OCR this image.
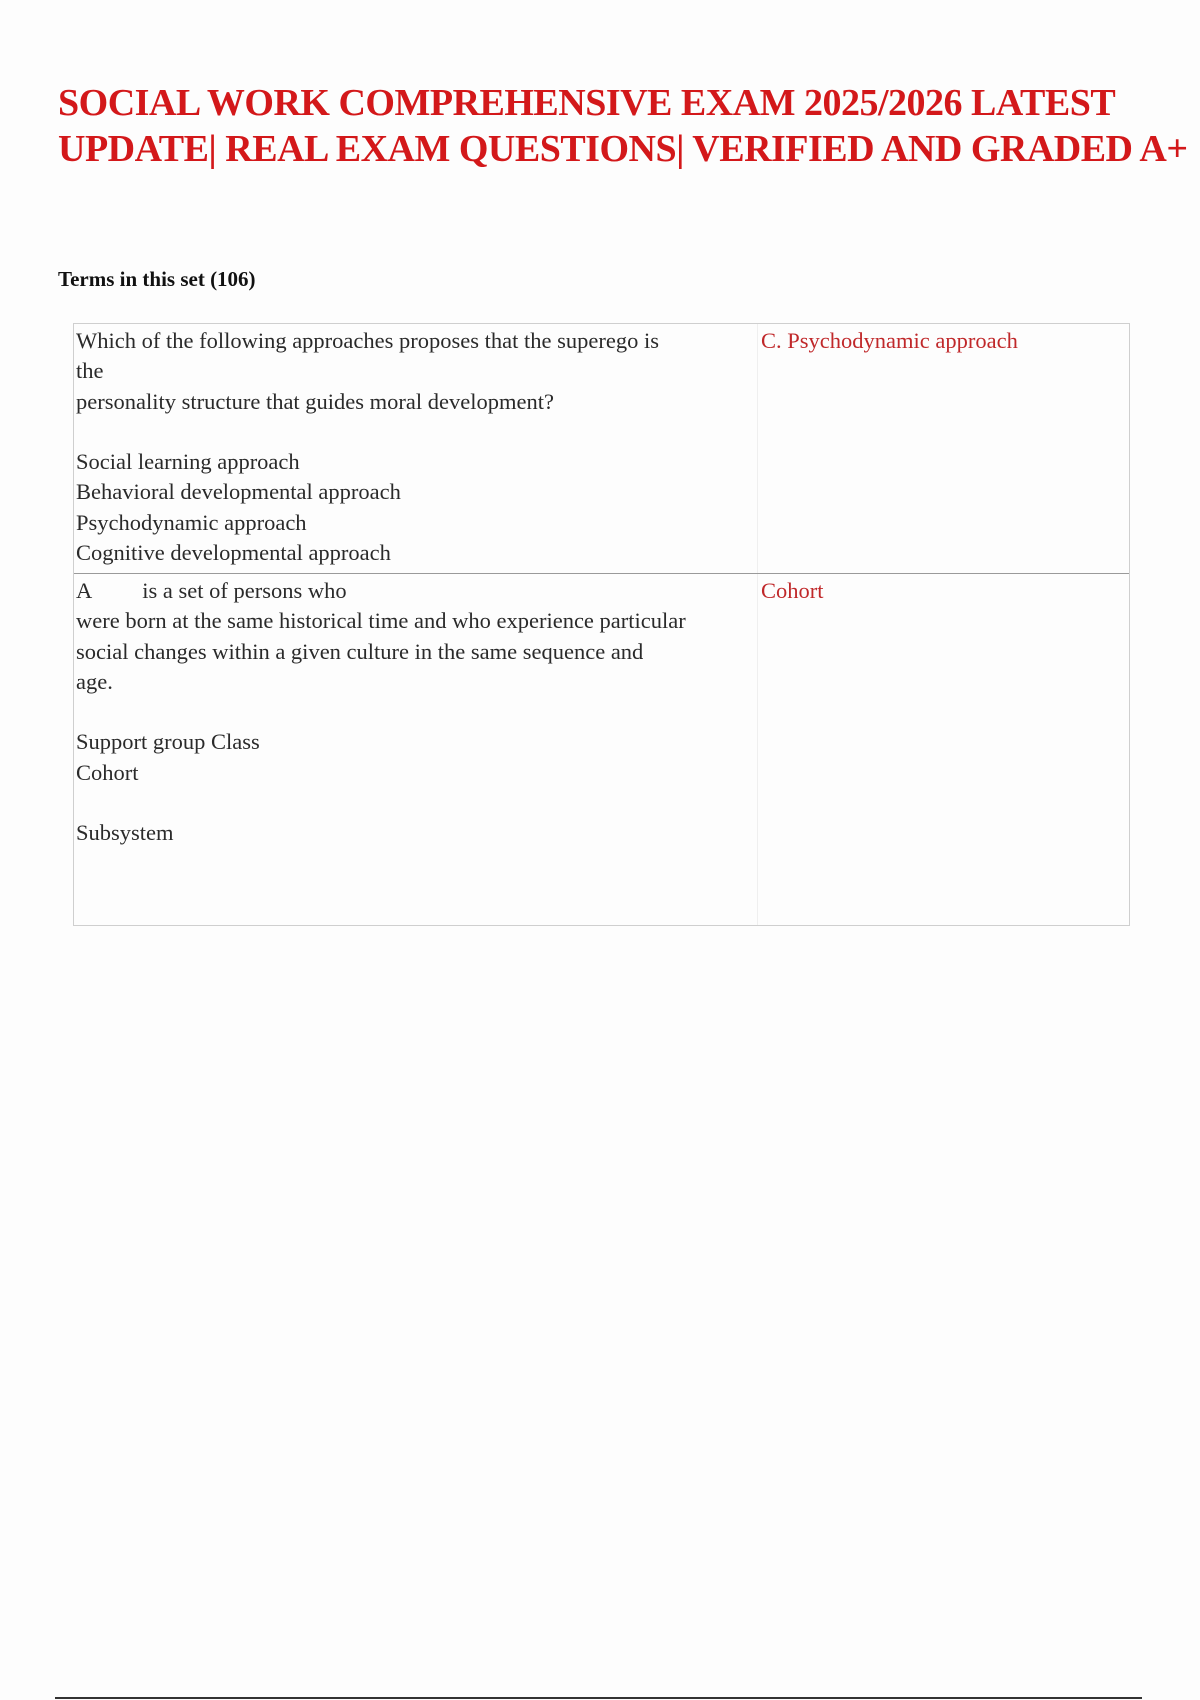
SOCIAL WORK COMPREHENSIVE EXAM 2025/2026 LATEST
UPDATE| REAL EXAM QUESTIONS| VERIFIED AND GRADED A+

Terms in this set (106)

Which of the following approaches proposes that the superego is
the
personality structure that guides moral development?
Social learning approach
Behavioral developmental approach
Psychodynamic approach
Cognitive developmental approach
C. Psychodynamic approach
A is a set of persons who
were born at the same historical time and who experience particular
social changes within a given culture in the same sequence and
age.
Support group Class
Cohort
Subsystem
Cohort
